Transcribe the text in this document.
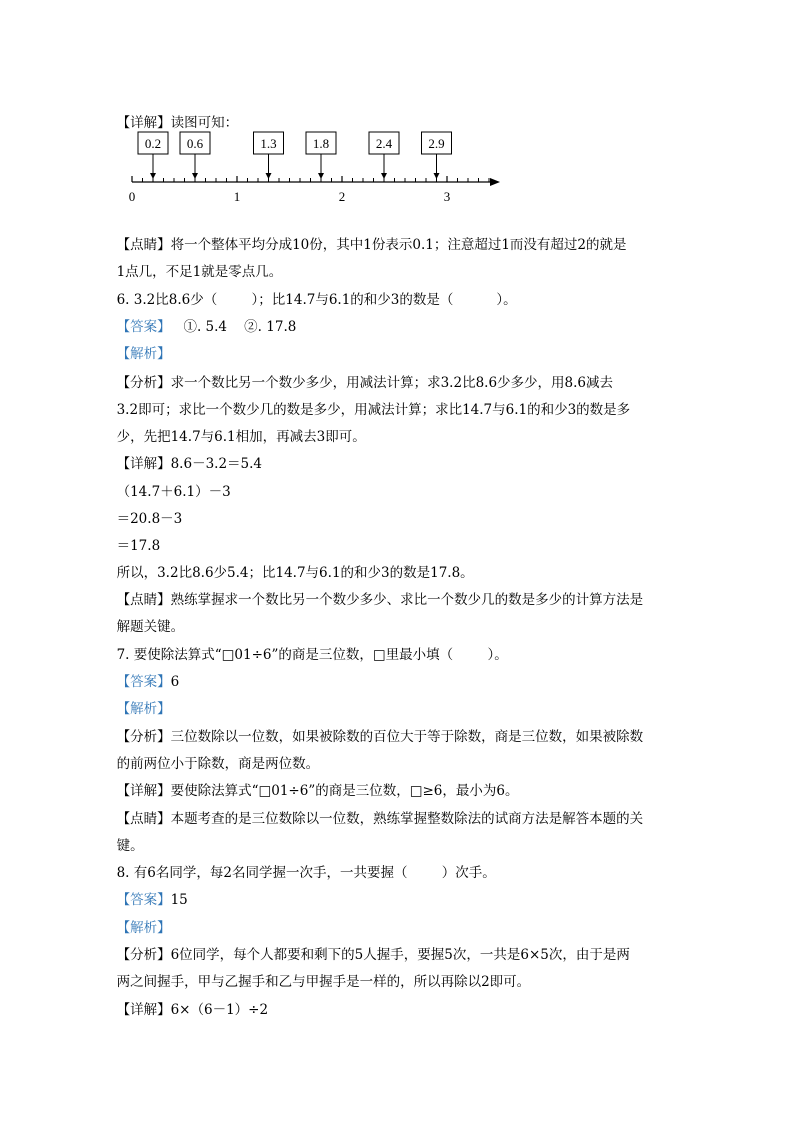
【详解】读图可知：

0.2 0.6	1.3	1.8	2.4	2.9
0	1	2	3

【点睛】将一个整体平均分成10份，其中1份表示0.1；注意超过1而没有超过2的就是

1点几，不足1就是零点几。

6. 3.2比8.6少（        ）；比14.7与6.1的和少3的数是（          ）。

【答案】   ①. 5.4    ②. 17.8

【解析】

【分析】求一个数比另一个数少多少，用减法计算；求3.2比8.6少多少，用8.6减去

3.2即可；求比一个数少几的数是多少，用减法计算；求比14.7与6.1的和少3的数是多

少，先把14.7与6.1相加，再减去3即可。

【详解】8.6－3.2＝5.4

（14.7＋6.1）－3

＝20.8－3

＝17.8

所以，3.2比8.6少5.4；比14.7与6.1的和少3的数是17.8。

【点睛】熟练掌握求一个数比另一个数少多少、求比一个数少几的数是多少的计算方法是

解题关键。

7. 要使除法算式“□01÷6”的商是三位数，□里最小填（        ）。

【答案】6

【解析】

【分析】三位数除以一位数，如果被除数的百位大于等于除数，商是三位数，如果被除数

的前两位小于除数，商是两位数。

【详解】要使除法算式“□01÷6”的商是三位数，□≥6，最小为6。

【点睛】本题考查的是三位数除以一位数，熟练掌握整数除法的试商方法是解答本题的关

键。

8. 有6名同学，每2名同学握一次手，一共要握（        ）次手。

【答案】15

【解析】

【分析】6位同学，每个人都要和剩下的5人握手，要握5次，一共是6×5次，由于是两

两之间握手，甲与乙握手和乙与甲握手是一样的，所以再除以2即可。

【详解】6×（6－1）÷2
